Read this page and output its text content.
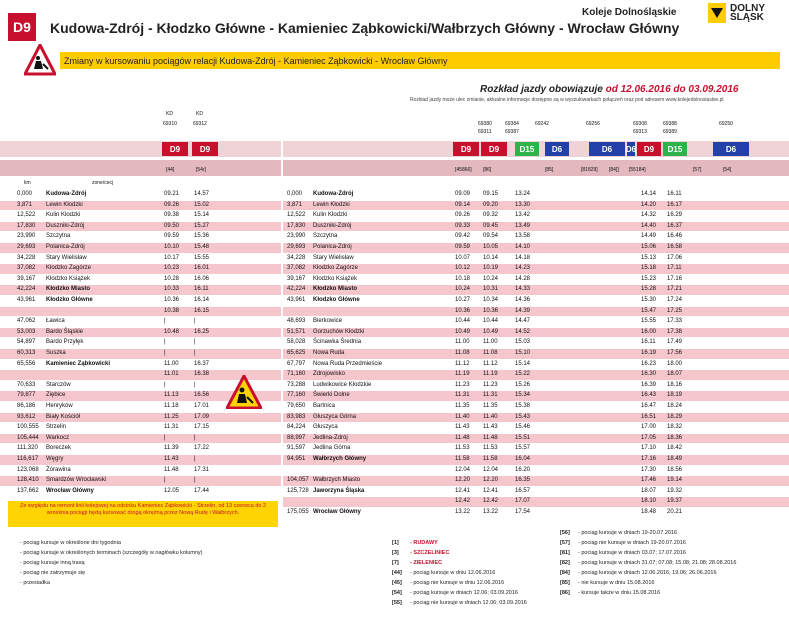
D9	Kudowa-Zdrój - Kłodzko Główne - Kamieniec Ząbkowicki/Wałbrzych Główny - Wrocław Główny
Koleje Dolnośląskie	DOLNY ŚLĄSK
Zmiany w kursowaniu pociągów relacji Kudowa-Zdrój - Kamieniec Ząbkowicki - Wrocław Główny
Rozkład jazdy obowiązuje od 12.06.2016 do 03.09.2016
Rozkład jazdy może ulec zmianie, aktualne informacje dostępne są w wyszukiwarkach połączeń oraz pod adresem www.kolejedolnoslaskie.pl
KD	KD
69310	69312
D9	D9
[44]	[54r]
km	zone/cecj
69380	69384	69242	69256	69308	69388	69250
69311	69387	69313	69389
D9	D9	D15	D6	D6	D6 D9	D15	D6
[45866] [86]	[85]	[81829] [84]] [55184]	[57]	[54]
0,000 Kudowa-Zdrój	09.21 14.57
3,871 Lewin Kłodzki	09.26 15.02
12,522 Kulin Kłodzki	09.38 15.14
17,830 Duszniki-Zdrój	09.50 15.27
23,990 Szczytna	09.59 15.36
29,693 Polanica-Zdrój	10.10 15.48
34,228 Stary Wielisław	10.17 15.55
37,082 Kłodzko Zagórze	10.23 16.01
39,167 Kłodzko Książek	10.28 16.06
42,224 Kłodzko Miasto	10.33 16.11
43,961 Kłodzko Główne	10.36 16.14
10.38 16.15
47,062 Ławica	|	|
53,003 Bardo Śląskie	10.48 16.25
54,897 Bardo Przyłęk	|	|
60,313 Suszka	|	|
65,556 Kamieniec Ząbkowicki	11.00	16.37
11.01	16.38
70,633 Starczów	|	|
79,877 Ziębice	11.13	16.56
86,186 Henryków	11.18	17.01
93,612 Biały Kościół	11.25	17.09
100,555 Strzelin	11.31	17.15
105,444 Warkocz	|	|
111,320 Boreczek	11.39	17.22
116,617 Węgry	11.43	|
123,068 Żórawina	11.48	17.31
128,410 Smardzów Wrocławski	|	|
137,662 Wrocław Główny	12.05 17.44
0,000 Kudowa-Zdrój	09.09 09.15	13.24	14.14 16.11
3,871 Lewin Kłodzki	09.14 09.20	13.30	14.20 16.17
12,522 Kulin Kłodzki	09.26 09.32	13.42	14.32 16.29
17,830 Duszniki-Zdrój	09.33 09.45	13.49	14.40 16.37
23,990 Szczytna	09.42 09.54	13.58	14.49 16.46
29,693 Polanica-Zdrój	09.59 10.05	14.10	15.06 16.58
34,228 Stary Wielisław	10.07 10.14	14.18	15.13 17.06
37,082 Kłodzko Zagórze	10.12 10.19	14.23	15.18 17.11
39,167 Kłodzko Książek	10.18 10.24	14.28	15.23 17.16
42,224 Kłodzko Miasto	10.24 10.31	14.33	15.28 17.21
43,961 Kłodzko Główne	10.27 10.34	14.36	15.30 17.24
10.36 10.36	14.39	15.47 17.25
48,693 Bierkowice	10.44 10.44	14.47	15.55 17.33
51,571 Gorzuchów Kłodzki	10.49 10.49	14.52	16.00 17.38
58,028 Ścinawka Średnia	11.00 11.00	15.03	16.11 17.49
65,625 Nowa Ruda	11.08 11.08	15.10	16.19 17.56
67,797 Nowa Ruda Przedmieście	11.12 11.12	15.14	16.23 18.00
71,160 Zdrojowisko	11.19 11.19	15.22	16.30 18.07
73,288 Ludwikowice Kłodzkie	11.23 11.23	15.26	16.39 18.16
77,160 Świerki Dolne	11.31 11.31	15.34	16.43 18.19
79,650 Bartnica	11.35 11.35	15.38	16.47 18.24
83,983 Głuszyca Górna	11.40 11.40	15.43	16.51 18.29
84,224 Głuszyca	11.43 11.43	15.46	17.00 18.32
88,997 Jedlina-Zdrój	11.48 11.48	15.51	17.05 18.36
91,597 Jedlina Górna	11.53 11.53	15.57	17.10 18.42
94,951 Wałbrzych Główny	11.58 11.58	16.04	17.16 18.49
12.04 12.04	16.20	17.30 18.56
104,057 Wałbrzych Miasto	12.20 12.20	16.35	17.46 19.14
125,728 Jaworzyna Śląska	12.41 12.41	16.57	18.07 19.32
12.42 12.42	17.07	18.10 19.37
175,055 Wrocław Główny	13.22 13.22	17.54	18.48 20.21
Ze względu na remont linii kolejowej na odcinku Kamieniec Ząbkowicki - Strzelin, od 13 czerwca do 2 września pociągi będą kursować drogą okrężną przez Nową Rudę i Wałbrzych.
- pociąg kursuje w określone dni tygodnia
- pociąg kursuje w określonych terminach (szczegóły w nagłówku kolumny)
- pociąg kursuje inną trasą
- pociąg nie zatrzymuje się
- przesiadka
[1] - RUDAWY
[3] - SZCZELINIEC
[7] - ZIELENIEC
[44] - pociąg kursuje w dniu 12.06.2016
[45] - pociąg nie kursuje w dniu 12.06.2016
[54] - pociąg kursuje w dniach 12.06; 03.09.2016
[55] - pociąg nie kursuje w dniach 12.06; 03.09.2016
[56] - pociąg kursuje w dniach 19-20.07.2016
[57] - pociąg nie kursuje w dniach 19-20.07.2016
[81] - pociąg kursuje w dniach 03.07; 17.07.2016
[82] - pociąg kursuje w dniach 31.07; 07.08; 15.08; 21.08; 28.08.2016
[84] - pociąg kursuje w dniach 12.06.2016; 19.06; 26.06.2016
[85] - nie kursuje w dniu 15.08.2016
[86] - kursuje także w dniu 15.08.2016
